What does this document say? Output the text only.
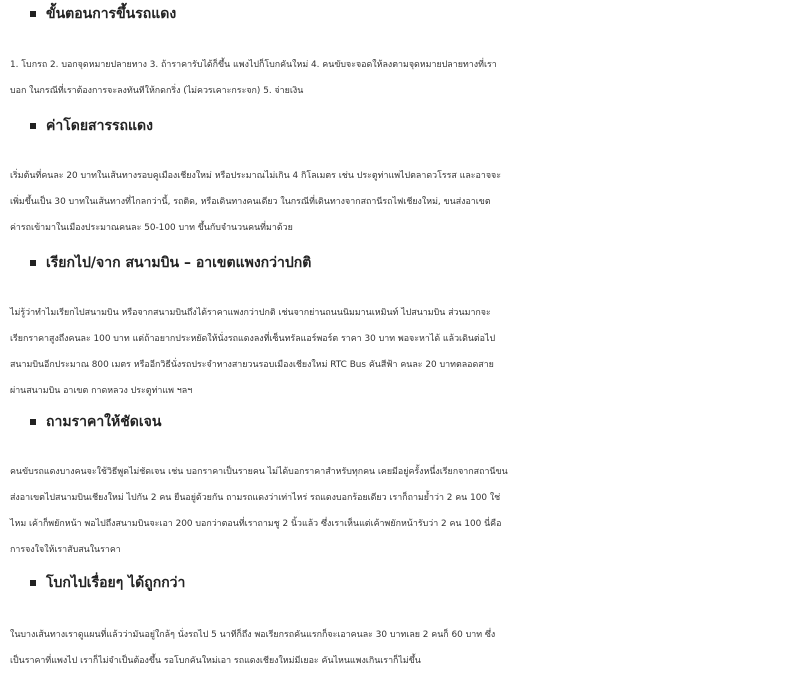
ขั้นตอนการขึ้นรถแดง
1. โบกรถ 2. บอกจุดหมายปลายทาง 3. ถ้าราคารับได้ก็ขึ้น แพงไปก็โบกคันใหม่ 4. คนขับจะจอดให้ลงตามจุดหมายปลายทางที่เรา
บอก ในกรณีที่เราต้องการจะลงทันทีให้กดกริ่ง (ไม่ควรเคาะกระจก) 5. จ่ายเงิน
ค่าโดยสารรถแดง
เริ่มต้นที่คนละ 20 บาทในเส้นทางรอบคูเมืองเชียงใหม่ หรือประมาณไม่เกิน 4 กิโลเมตร เช่น ประตูท่าแพไปตลาดวโรรส และอาจจะ
เพิ่มขึ้นเป็น 30 บาทในเส้นทางที่ไกลกว่านี้, รถติด, หรือเดินทางคนเดียว ในกรณีที่เดินทางจากสถานีรถไฟเชียงใหม่, ขนส่งอาเขต
ค่ารถเข้ามาในเมืองประมาณคนละ 50-100 บาท ขึ้นกับจำนวนคนที่มาด้วย
เรียกไป/จาก สนามบิน – อาเขตแพงกว่าปกติ
ไม่รู้ว่าทำไมเรียกไปสนามบิน หรือจากสนามบินถึงได้ราคาแพงกว่าปกติ เช่นจากย่านถนนนิมมานเหมินท์ ไปสนามบิน ส่วนมากจะ
เรียกราคาสูงถึงคนละ 100 บาท แต่ถ้าอยากประหยัดให้นั่งรถแดงลงที่เซ็นทรัลแอร์พอร์ต ราคา 30 บาท พอจะหาได้ แล้วเดินต่อไป
สนามบินอีกประมาณ 800 เมตร หรืออีกวิธีนั่งรถประจำทางสายวนรอบเมืองเชียงใหม่ RTC Bus คันสีฟ้า คนละ 20 บาทตลอดสาย
ผ่านสนามบิน อาเขต กาดหลวง ประตูท่าแพ ฯลฯ
ถามราคาให้ชัดเจน
คนขับรถแดงบางคนจะใช้วิธีพูดไม่ชัดเจน เช่น บอกราคาเป็นรายคน ไม่ได้บอกราคาสำหรับทุกคน เคยมีอยู่ครั้งหนึ่งเรียกจากสถานีขน
ส่งอาเขตไปสนามบินเชียงใหม่ ไปกัน 2 คน ยืนอยู่ด้วยกัน ถามรถแดงว่าเท่าไหร่ รถแดงบอกร้อยเดียว เราก็ถามย้ำว่า 2 คน 100 ใช่
ไหม เค้าก็พยักหน้า พอไปถึงสนามบินจะเอา 200 บอกว่าตอนที่เราถามชู 2 นิ้วแล้ว ซึ่งเราเห็นแต่เค้าพยักหน้ารับว่า 2 คน 100 นี่คือ
การจงใจให้เราสับสนในราคา
โบกไปเรื่อยๆ ได้ถูกกว่า
ในบางเส้นทางเราดูแผนที่แล้วว่ามันอยู่ใกล้ๆ นั่งรถไป 5 นาทีก็ถึง พอเรียกรถคันแรกก็จะเอาคนละ 30 บาทเลย 2 คนก็ 60 บาท ซึ่ง
เป็นราคาที่แพงไป เราก็ไม่จำเป็นต้องขึ้น รอโบกคันใหม่เอา รถแดงเชียงใหม่มีเยอะ คันไหนแพงเกินเราก็ไม่ขึ้น
